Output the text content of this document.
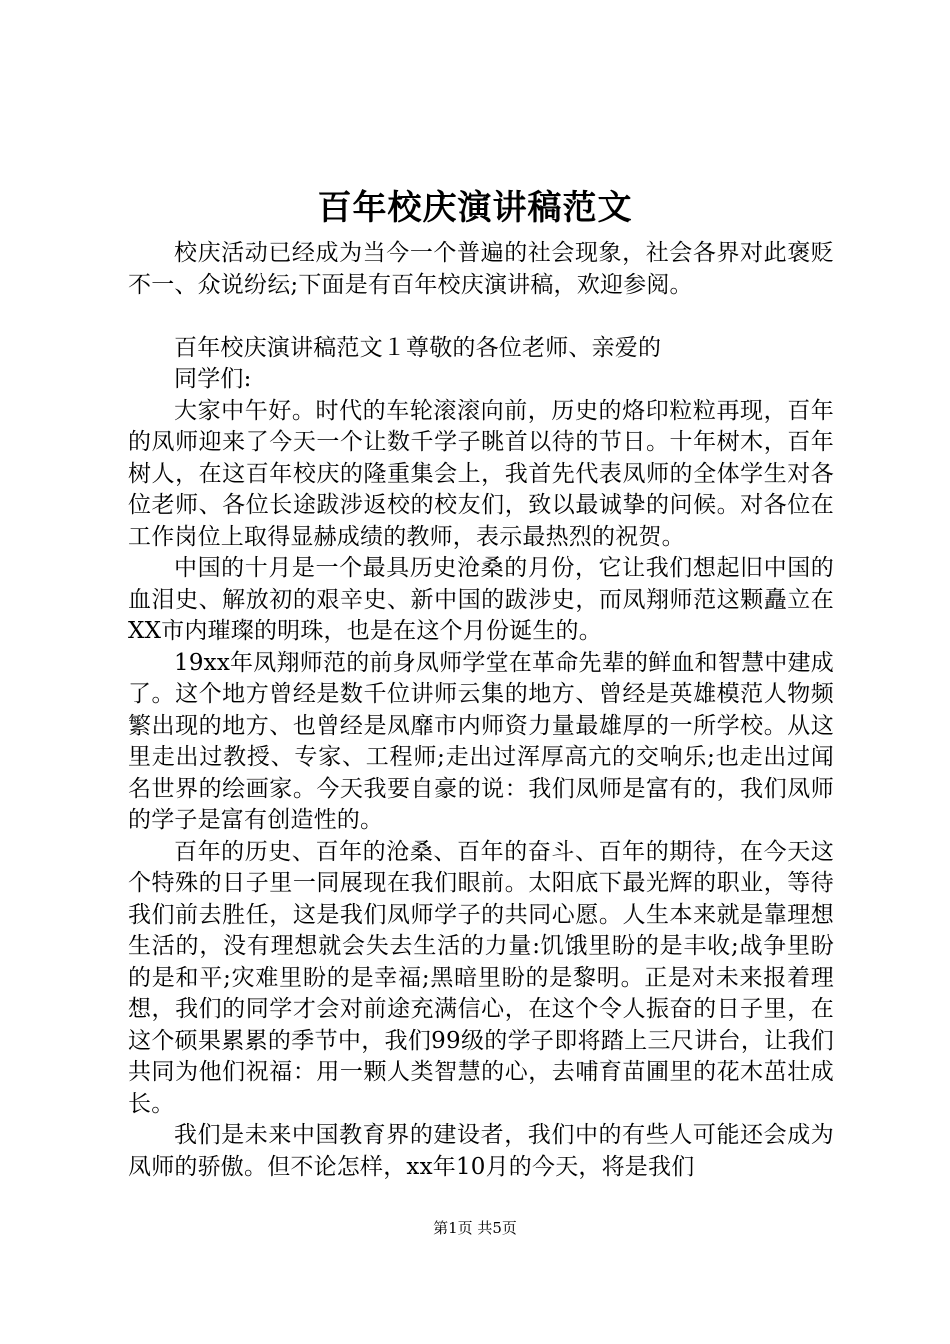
百年校庆演讲稿范文

校庆活动已经成为当今一个普遍的社会现象，社会各界对此褒贬不一、众说纷纭;下面是有百年校庆演讲稿，欢迎参阅。

百年校庆演讲稿范文１尊敬的各位老师、亲爱的

同学们:

大家中午好。时代的车轮滚滚向前，历史的烙印粒粒再现，百年的凤师迎来了今天一个让数千学子眺首以待的节日。十年树木，百年树人，在这百年校庆的隆重集会上，我首先代表凤师的全体学生对各位老师、各位长途跋涉返校的校友们，致以最诚挚的问候。对各位在工作岗位上取得显赫成绩的教师，表示最热烈的祝贺。

中国的十月是一个最具历史沧桑的月份，它让我们想起旧中国的血泪史、解放初的艰辛史、新中国的跋涉史，而凤翔师范这颗矗立在XX市内璀璨的明珠，也是在这个月份诞生的。

19xx年凤翔师范的前身凤师学堂在革命先辈的鲜血和智慧中建成了。这个地方曾经是数千位讲师云集的地方、曾经是英雄模范人物频繁出现的地方、也曾经是凤靡市内师资力量最雄厚的一所学校。从这里走出过教授、专家、工程师;走出过浑厚高亢的交响乐;也走出过闻名世界的绘画家。今天我要自豪的说：我们凤师是富有的，我们凤师的学子是富有创造性的。

百年的历史、百年的沧桑、百年的奋斗、百年的期待，在今天这个特殊的日子里一同展现在我们眼前。太阳底下最光辉的职业，等待我们前去胜任，这是我们凤师学子的共同心愿。人生本来就是靠理想生活的，没有理想就会失去生活的力量:饥饿里盼的是丰收;战争里盼的是和平;灾难里盼的是幸福;黑暗里盼的是黎明。正是对未来报着理想，我们的同学才会对前途充满信心，在这个令人振奋的日子里，在这个硕果累累的季节中，我们99级的学子即将踏上三尺讲台，让我们共同为他们祝福：用一颗人类智慧的心，去哺育苗圃里的花木茁壮成长。

我们是未来中国教育界的建设者，我们中的有些人可能还会成为凤师的骄傲。但不论怎样，xx年10月的今天，将是我们

第1页 共5页
